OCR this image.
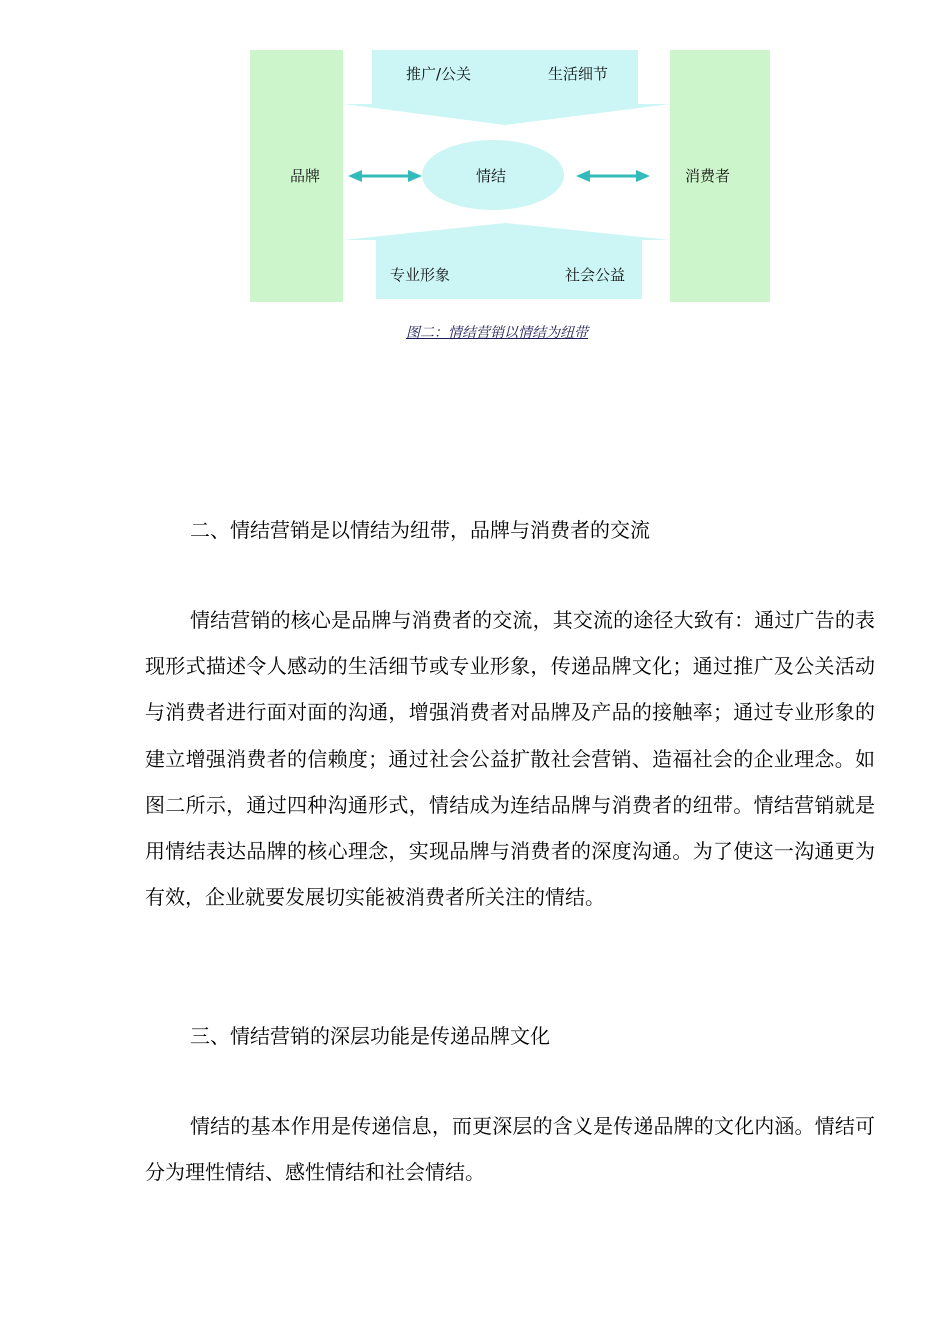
推广/公关	生活细节
品牌	情结	消费者
专业形象	社会公益
图二：情结营销以情结为纽带
二、情结营销是以情结为纽带，品牌与消费者的交流

情结营销的核心是品牌与消费者的交流，其交流的途径大致有：通过广告的表现形式描述令人感动的生活细节或专业形象，传递品牌文化；通过推广及公关活动与消费者进行面对面的沟通，增强消费者对品牌及产品的接触率；通过专业形象的建立增强消费者的信赖度；通过社会公益扩散社会营销、造福社会的企业理念。如图二所示，通过四种沟通形式，情结成为连结品牌与消费者的纽带。情结营销就是用情结表达品牌的核心理念，实现品牌与消费者的深度沟通。为了使这一沟通更为有效，企业就要发展切实能被消费者所关注的情结。

三、情结营销的深层功能是传递品牌文化

情结的基本作用是传递信息，而更深层的含义是传递品牌的文化内涵。情结可分为理性情结、感性情结和社会情结。
